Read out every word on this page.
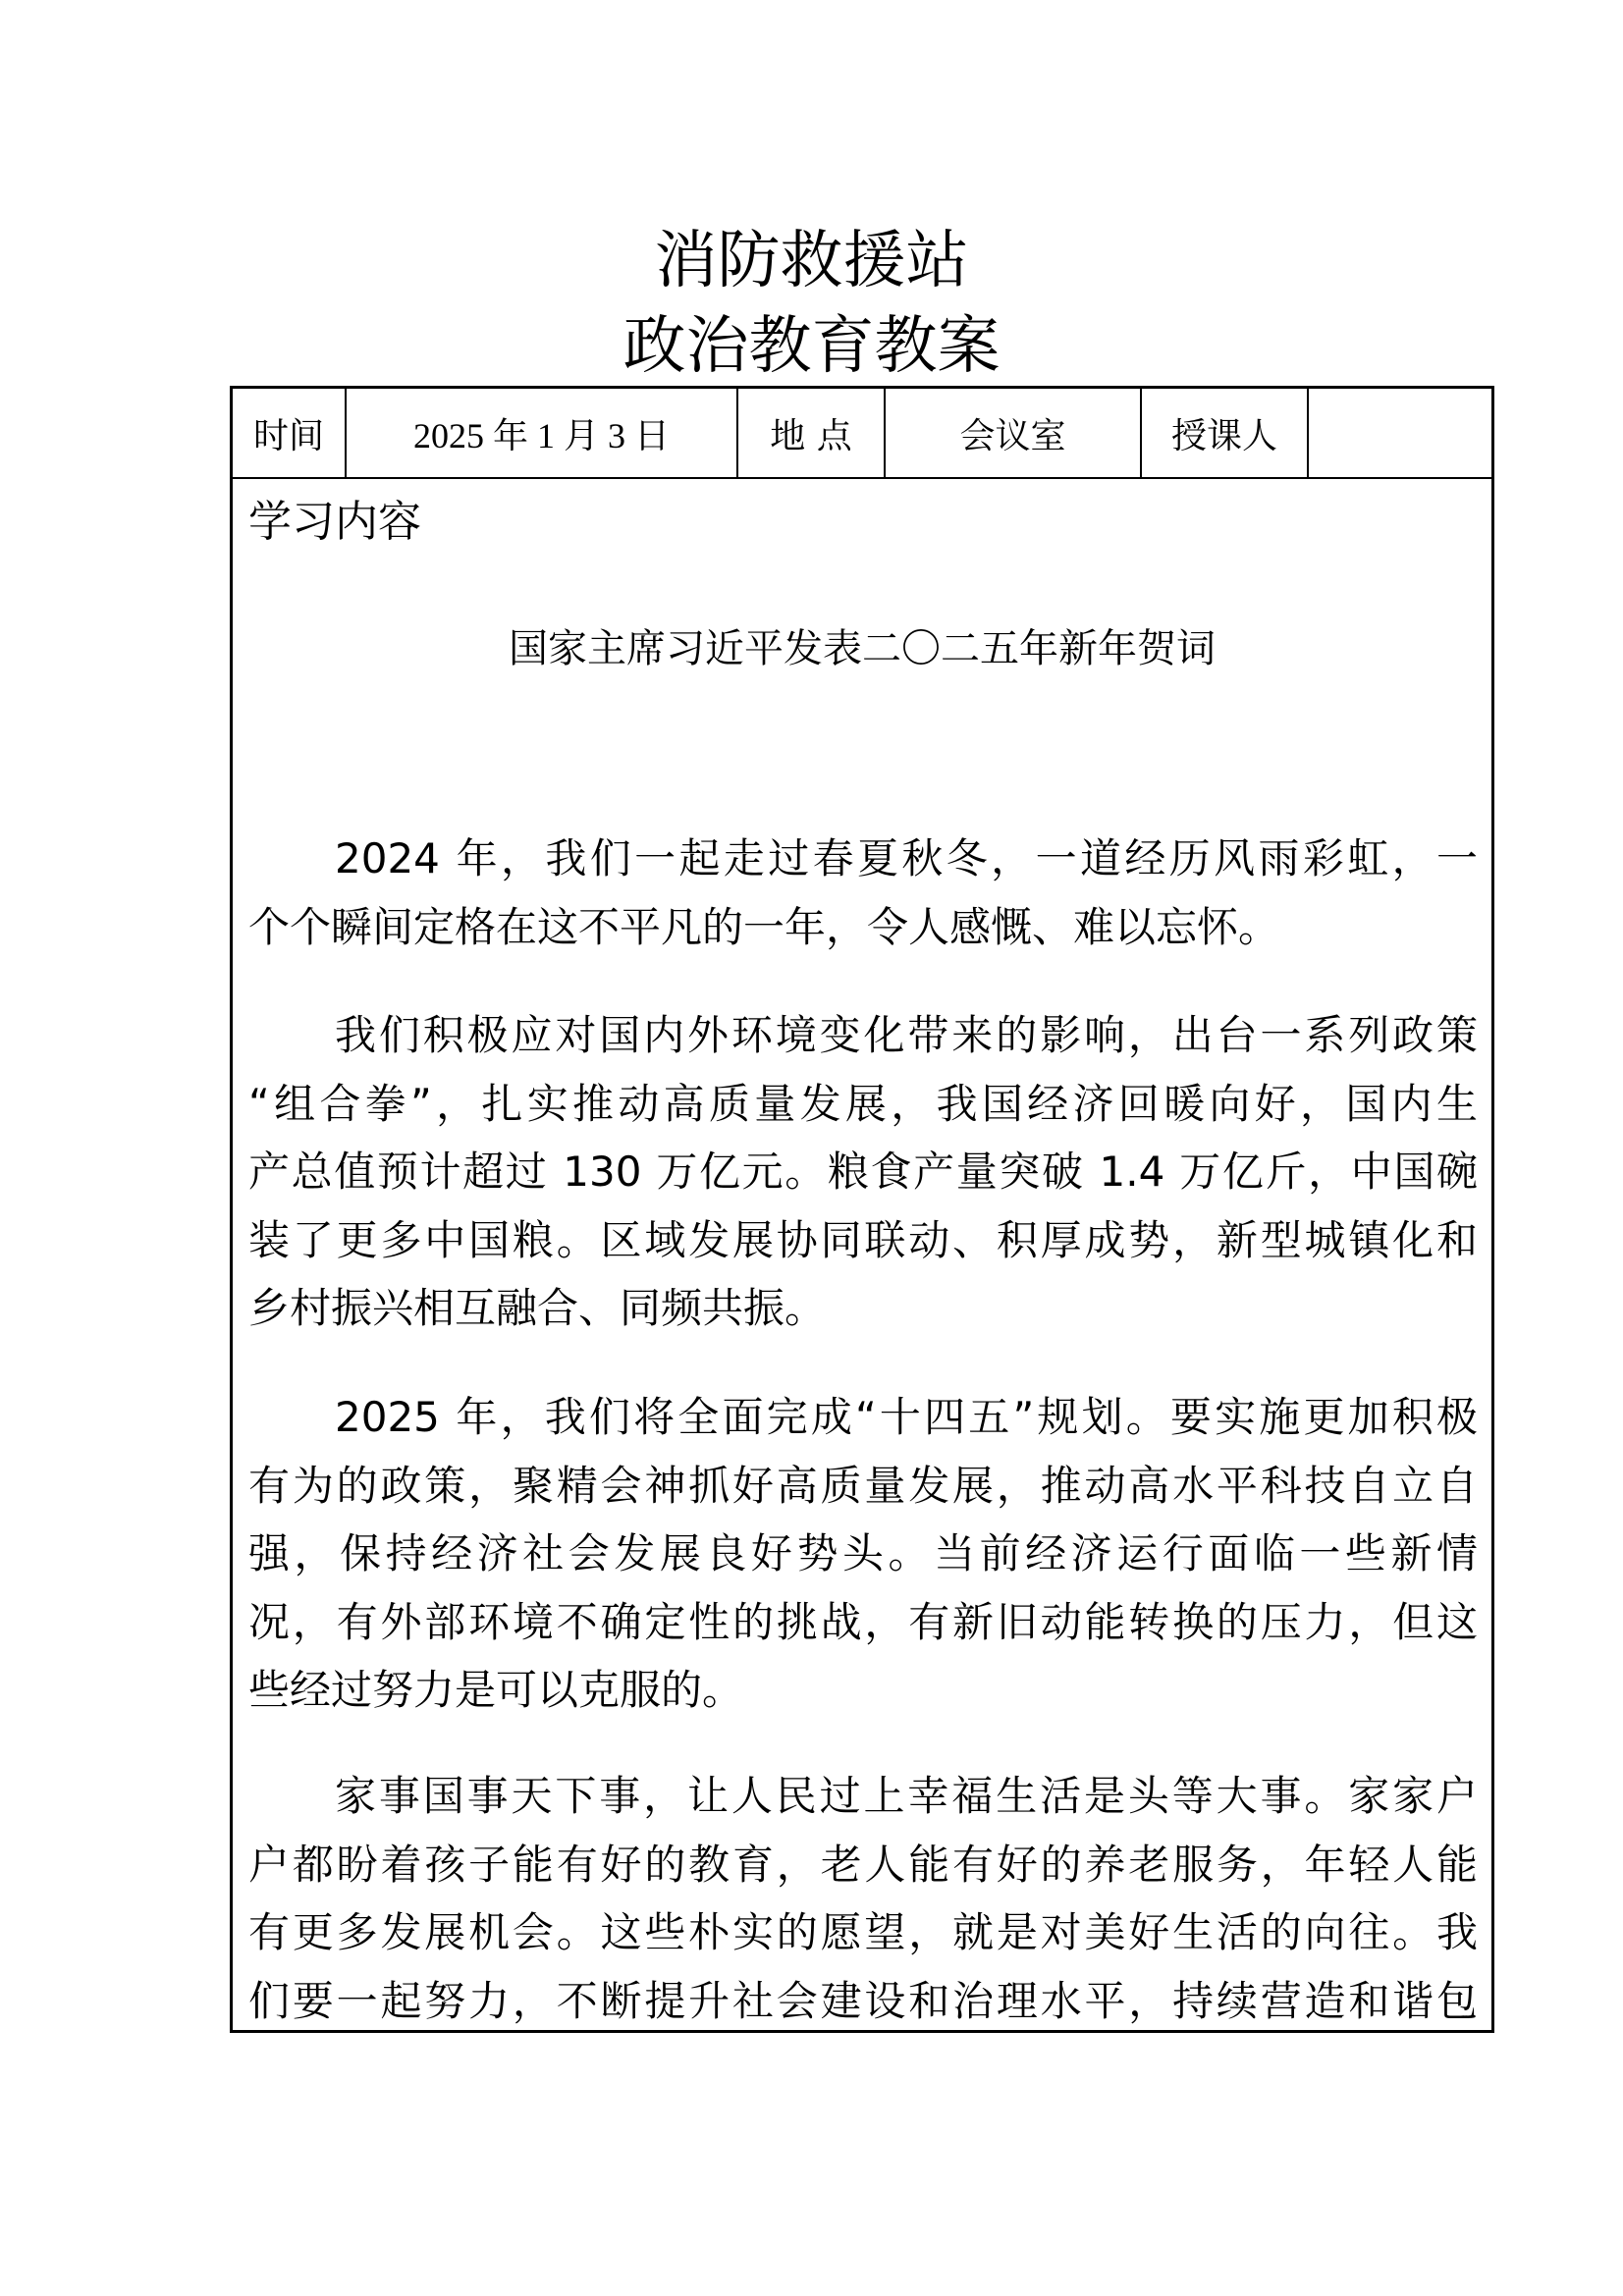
消防救援站
政治教育教案
时间	2025 年 1 月 3 日	地 点	会议室	授课人
学习内容
国家主席习近平发表二〇二五年新年贺词
2024 年，我们一起走过春夏秋冬，一道经历风雨彩虹，一
个个瞬间定格在这不平凡的一年，令人感慨、难以忘怀。
我们积极应对国内外环境变化带来的影响，出台一系列政策
“组合拳”，扎实推动高质量发展，我国经济回暖向好，国内生
产总值预计超过 130 万亿元。粮食产量突破 1.4 万亿斤，中国碗
装了更多中国粮。区域发展协同联动、积厚成势，新型城镇化和
乡村振兴相互融合、同频共振。
2025 年，我们将全面完成“十四五”规划。要实施更加积极
有为的政策，聚精会神抓好高质量发展，推动高水平科技自立自
强，保持经济社会发展良好势头。当前经济运行面临一些新情
况，有外部环境不确定性的挑战，有新旧动能转换的压力，但这
些经过努力是可以克服的。
家事国事天下事，让人民过上幸福生活是头等大事。家家户
户都盼着孩子能有好的教育，老人能有好的养老服务，年轻人能
有更多发展机会。这些朴实的愿望，就是对美好生活的向往。我
们要一起努力，不断提升社会建设和治理水平，持续营造和谐包
